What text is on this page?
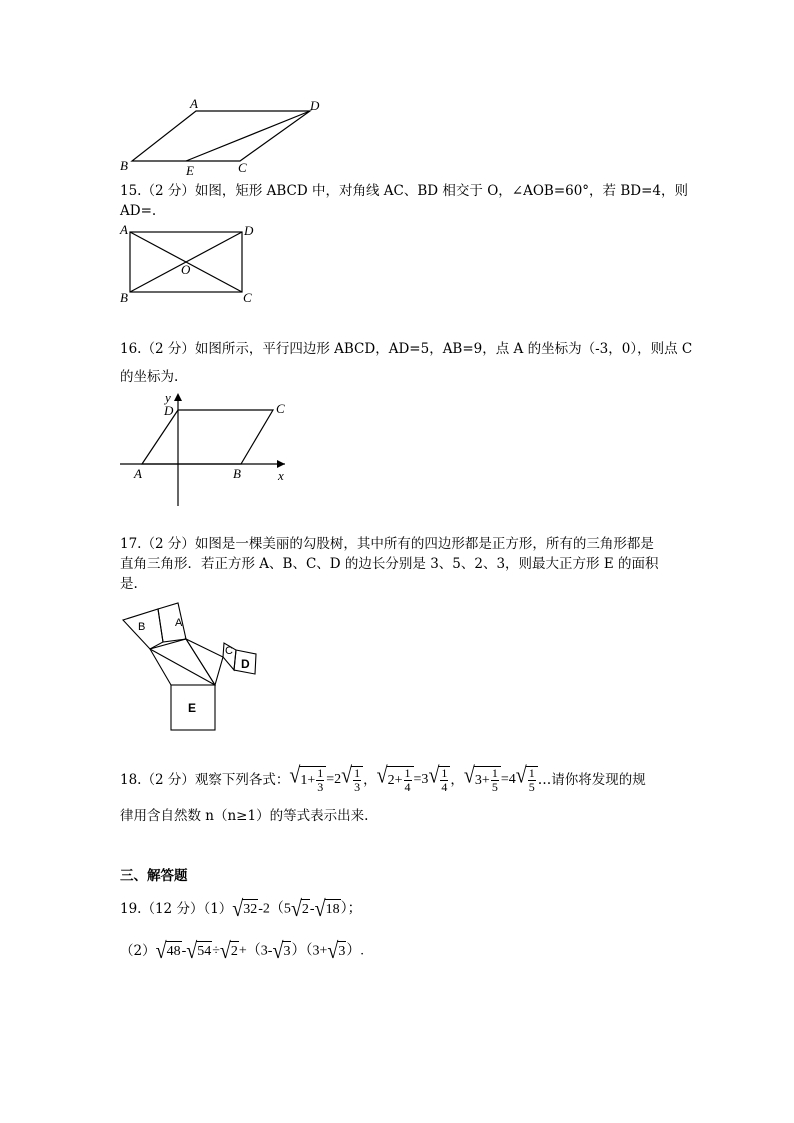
A	D
B	E	C
15.（2 分）如图，矩形 ABCD 中，对角线 AC、BD 相交于 O，∠AOB=60°，若 BD=4，则
AD=.
A	D
O
B	C
16.（2 分）如图所示，平行四边形 ABCD，AD=5，AB=9，点 A 的坐标为（-3，0），则点 C
的坐标为.
y
D	C
A	B	x
17.（2 分）如图是一棵美丽的勾股树，其中所有的四边形都是正方形，所有的三角形都是
直角三角形．若正方形 A、B、C、D 的边长分别是 3、5、2、3，则最大正方形 E 的面积
是.
B	A
C
D
E
18.（2 分）观察下列各式： √ $1+ \frac{1}{3} =2$ √ $\frac{1}{3}$ ， √ $2+ \frac{1}{4} =3$ √ $\frac{1}{4}$ ， √ $3+ \frac{1}{5} =4$ √ $\frac{1}{5}$ …请你将发现的规
律用含自然数 n（n≥1）的等式表示出来.
三、解答题
19.（12 分）（1） √ 32 -2（5 √ 2 - √ 18 ）；
（2） √ 48 - √ 54 ÷ √ 2 +（3- √ 3 ）（3+ √ 3 ）.
